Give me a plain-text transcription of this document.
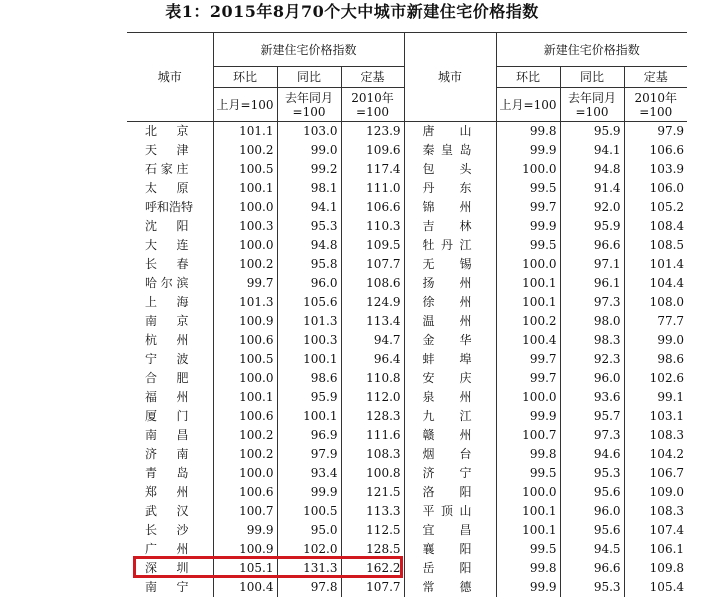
表1：2015年8月70个大中城市新建住宅价格指数
城市	新建住宅价格指数			城市	新建住宅价格指数		
	环比	同比	定基		环比	同比	定基
	上月=100	去年同月=100	2010年=100		上月=100	去年同月=100	2010年=100
北京	101.1	103.0	123.9	唐山	99.8	95.9	97.9
天津	100.2	99.0	109.6	秦皇岛	99.9	94.1	106.6
石家庄	100.5	99.2	117.4	包头	100.0	94.8	103.9
太原	100.1	98.1	111.0	丹东	99.5	91.4	106.0
呼和浩特	100.0	94.1	106.6	锦州	99.7	92.0	105.2
沈阳	100.3	95.3	110.3	吉林	99.9	95.9	108.4
大连	100.0	94.8	109.5	牡丹江	99.5	96.6	108.5
长春	100.2	95.8	107.7	无锡	100.0	97.1	101.4
哈尔滨	99.7	96.0	108.6	扬州	100.1	96.1	104.4
上海	101.3	105.6	124.9	徐州	100.1	97.3	108.0
南京	100.9	101.3	113.4	温州	100.2	98.0	77.7
杭州	100.6	100.3	94.7	金华	100.4	98.3	99.0
宁波	100.5	100.1	96.4	蚌埠	99.7	92.3	98.6
合肥	100.0	98.6	110.8	安庆	99.7	96.0	102.6
福州	100.1	95.9	112.0	泉州	100.0	93.6	99.1
厦门	100.6	100.1	128.3	九江	99.9	95.7	103.1
南昌	100.2	96.9	111.6	赣州	100.7	97.3	108.3
济南	100.2	97.9	108.3	烟台	99.8	94.6	104.2
青岛	100.0	93.4	100.8	济宁	99.5	95.3	106.7
郑州	100.6	99.9	121.5	洛阳	100.0	95.6	109.0
武汉	100.7	100.5	113.3	平顶山	100.1	96.0	108.3
长沙	99.9	95.0	112.5	宜昌	100.1	95.6	107.4
广州	100.9	102.0	128.5	襄阳	99.5	94.5	106.1
深圳	105.1	131.3	162.2	岳阳	99.8	96.6	109.8
南宁	100.4	97.8	107.7	常德	99.9	95.3	105.4
